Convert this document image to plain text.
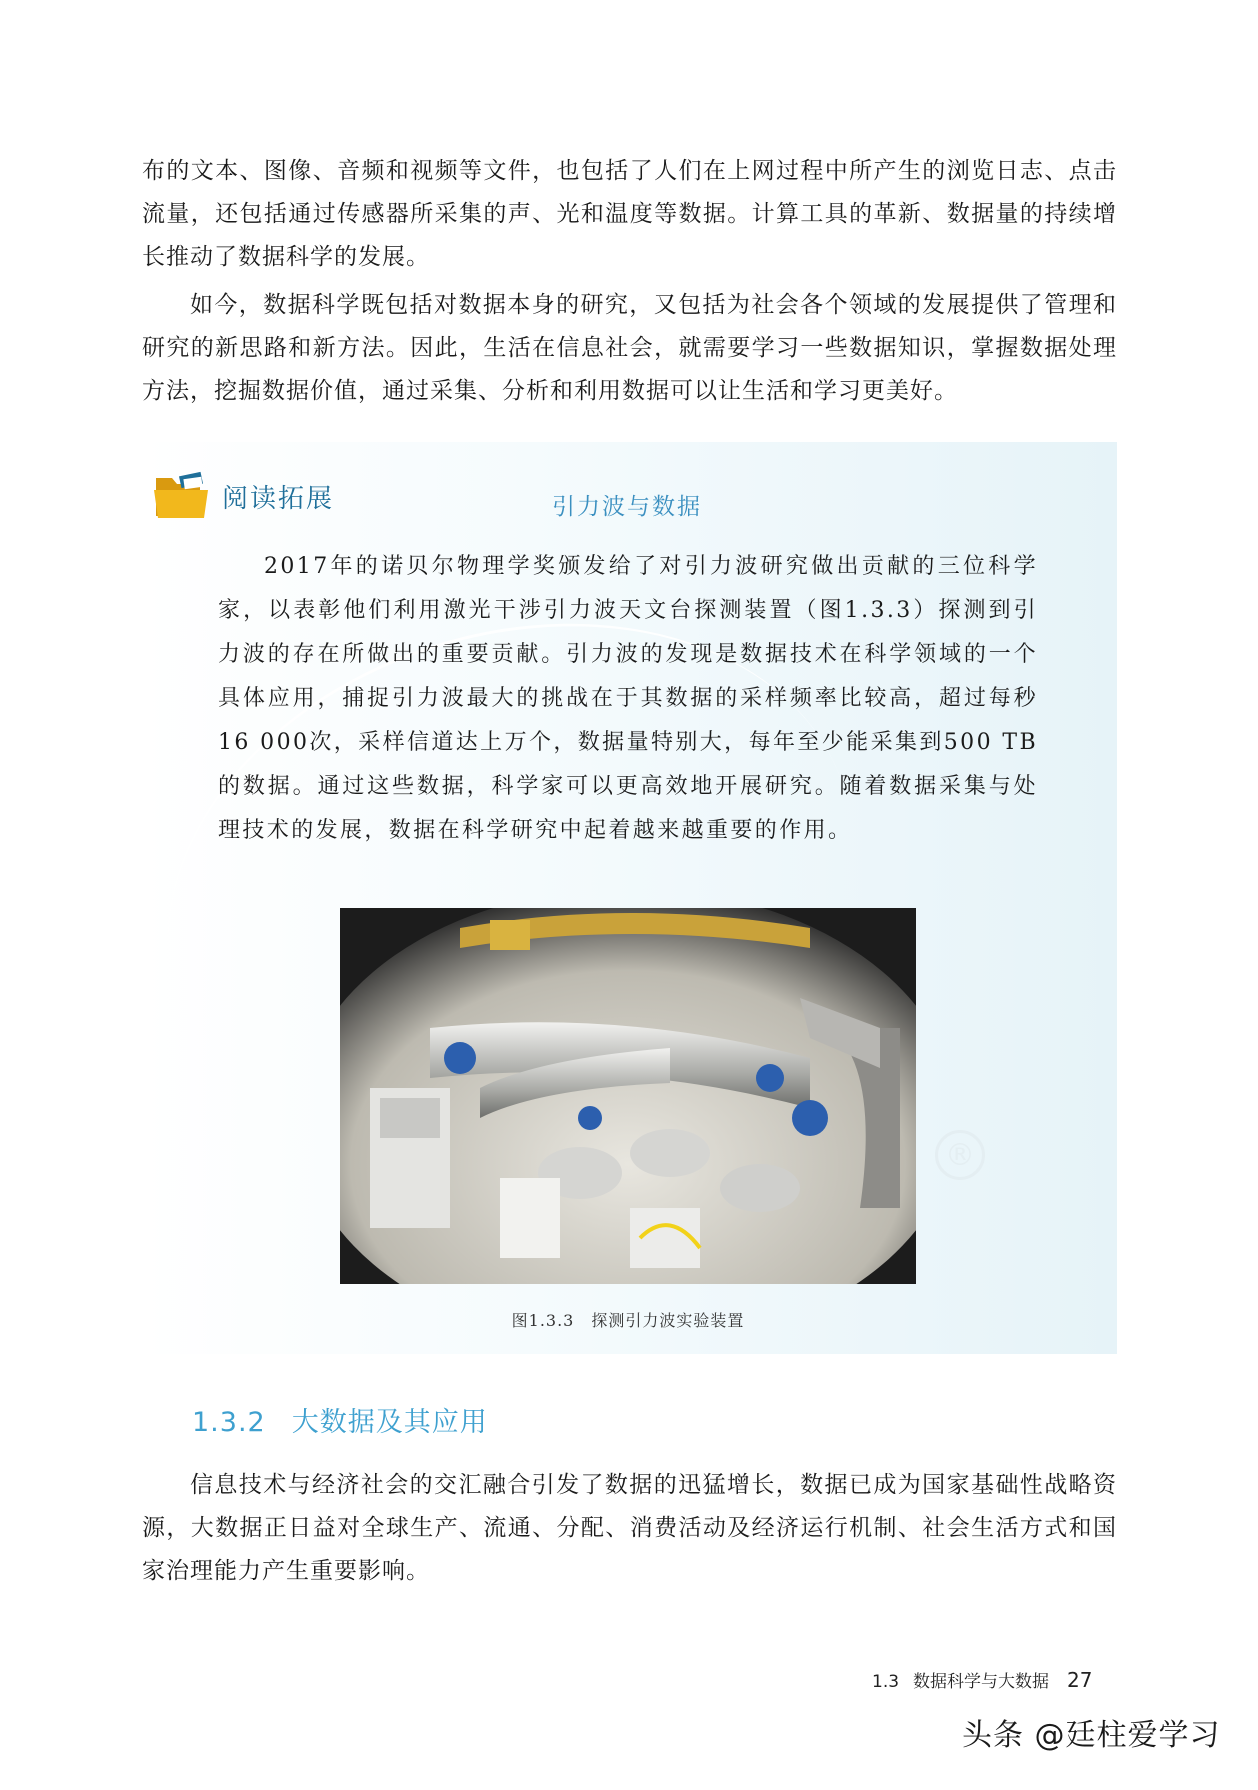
布的文本、图像、音频和视频等文件，也包括了人们在上网过程中所产生的浏览日志、点击流量，还包括通过传感器所采集的声、光和温度等数据。计算工具的革新、数据量的持续增长推动了数据科学的发展。

如今，数据科学既包括对数据本身的研究，又包括为社会各个领域的发展提供了管理和研究的新思路和新方法。因此，生活在信息社会，就需要学习一些数据知识，掌握数据处理方法，挖掘数据价值，通过采集、分析和利用数据可以让生活和学习更美好。

®
阅读拓展	引力波与数据

2017年的诺贝尔物理学奖颁发给了对引力波研究做出贡献的三位科学家，以表彰他们利用激光干涉引力波天文台探测装置（图1.3.3）探测到引力波的存在所做出的重要贡献。引力波的发现是数据技术在科学领域的一个具体应用，捕捉引力波最大的挑战在于其数据的采样频率比较高，超过每秒16 000次，采样信道达上万个，数据量特别大，每年至少能采集到500 TB的数据。通过这些数据，科学家可以更高效地开展研究。随着数据采集与处理技术的发展，数据在科学研究中起着越来越重要的作用。

图1.3.3　探测引力波实验装置
1.3.2 大数据及其应用

信息技术与经济社会的交汇融合引发了数据的迅猛增长，数据已成为国家基础性战略资源，大数据正日益对全球生产、流通、分配、消费活动及经济运行机制、社会生活方式和国家治理能力产生重要影响。

1.3 数据科学与大数据 27
头条 @廷柱爱学习
